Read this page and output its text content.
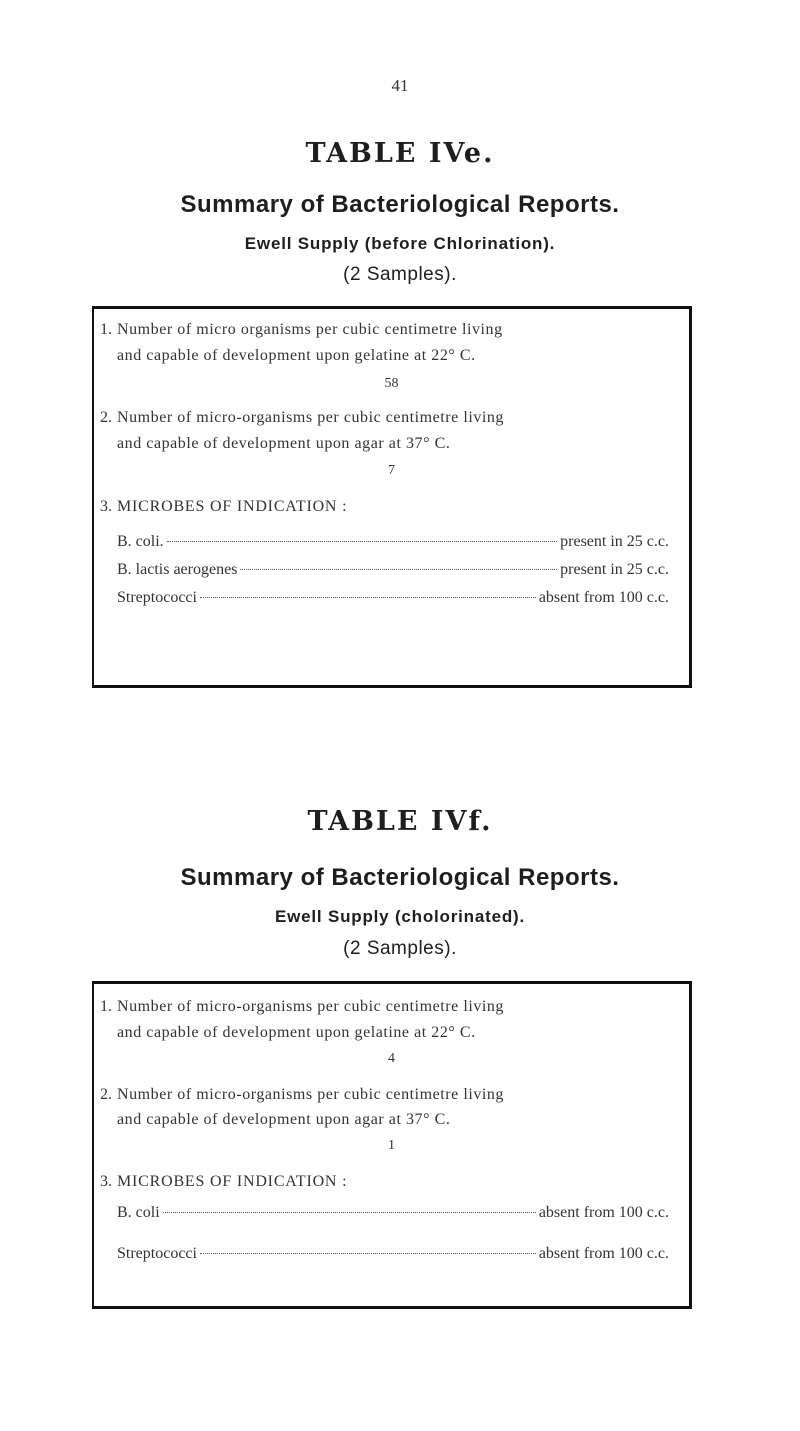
41
TABLE IVe.
Summary of Bacteriological Reports.
Ewell Supply (before Chlorination).
(2 Samples).
1. Number of micro organisms per cubic centimetre living
and capable of development upon gelatine at 22° C.
58
2. Number of micro-organisms per cubic centimetre living
and capable of development upon agar at 37° C.
7
3. MICROBES OF INDICATION :
B. coli.	present in 25 c.c.
B. lactis aerogenes	present in 25 c.c.
Streptococci	absent from 100 c.c.
TABLE IVf.
Summary of Bacteriological Reports.
Ewell Supply (cholorinated).
(2 Samples).
1. Number of micro-organisms per cubic centimetre living
and capable of development upon gelatine at 22° C.
4
2. Number of micro-organisms per cubic centimetre living
and capable of development upon agar at 37° C.
1
3. MICROBES OF INDICATION :
B. coli	absent from 100 c.c.
Streptococci	absent from 100 c.c.
